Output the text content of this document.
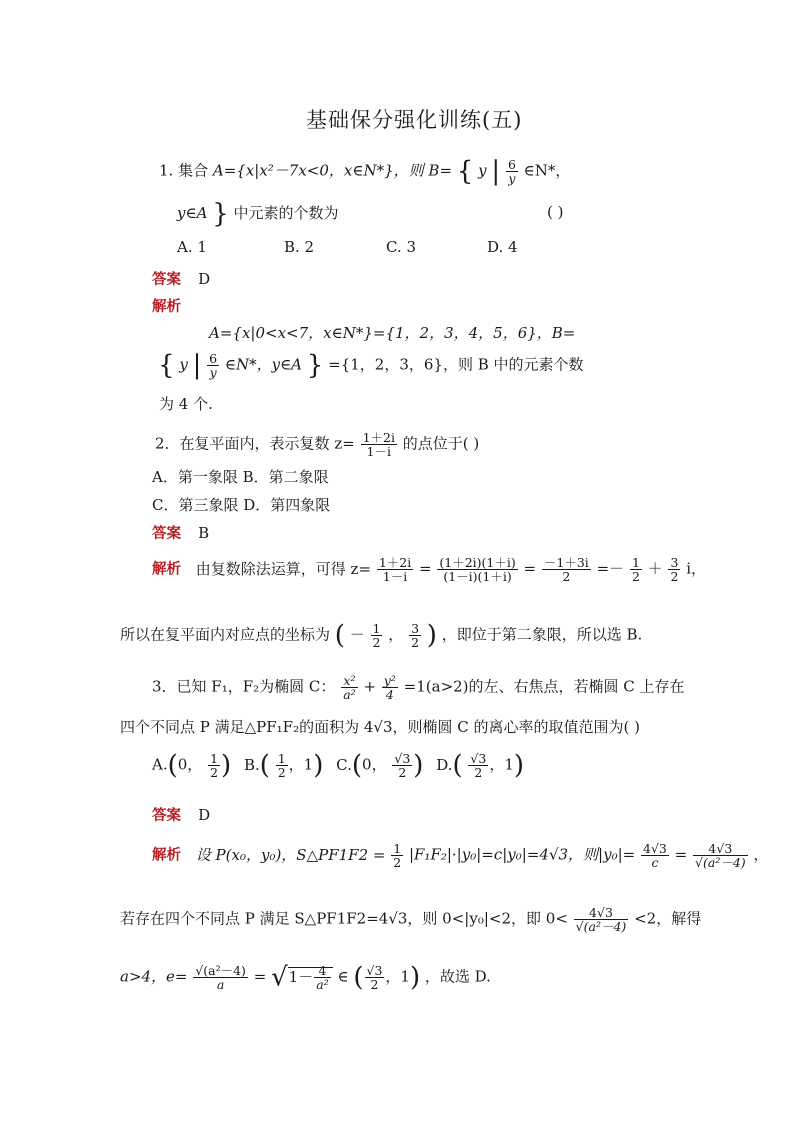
基础保分强化训练(五)
1. 集合 A={x|x²－7x<0，x∈N*}，则 B= { y | $\frac{6}{y}$ ∈N*，
y∈A } 中元素的个数为	( )
A. 1	B. 2	C. 3	D. 4
答案 D
解析
A={x|0<x<7，x∈N*}={1，2，3，4，5，6}，B=
{ y | $\frac{6}{y}$ ∈N*，y∈A } ={1，2，3，6}，则 B 中的元素个数
为 4 个.
2．在复平面内，表示复数 $z= \frac{1+2i}{1-i}$ 的点位于( )
A．第一象限 B．第二象限
C．第三象限 D．第四象限
答案 B
解析 由复数除法运算，可得 $z= \frac{1+2i}{1-i} = \frac{(1+2i)(1+i)}{(1-i)(1+i)} = \frac{-1+3i}{2} =- \frac{1}{2} + \frac{3}{2}$ i，
所以在复平面内对应点的坐标为 ( － $\frac{1}{2}$ ， $\frac{3}{2}$ ) ，即位于第二象限，所以选 B.
3．已知 F₁，F₂为椭圆 C： $\frac{\text{x²}}{\text{a²}} + \frac{\text{y²}}{4} =1(a>2)$的左、右焦点，若椭圆 C 上存在
四个不同点 P 满足△PF₁F₂的面积为 4√3，则椭圆 C 的离心率的取值范围为( )
A.(0， $\frac{1}{2}$ ) $B.( \frac{1}{2}$ ，1) C.(0， $\frac{√3}{2}$ ) $D.( \frac{√3}{2}$ ，1)
答案 D
解析 设 P(x₀，y₀)，S△PF1F2 = $\frac{1}{2} |F_1F_2|\cdot|y_0|=c|y_0|=4√3$，则$|y_0|= \frac{4√3}{c} = \frac{4√3}{\text{√(a²－4)}}$ ，
若存在四个不同点 P 满足 S△PF1F2=4√3，则 0<|y₀|<2，即 $0< \frac{4√3}{\text{√(a²－4)}} <2$，解得
a>4，$e= \frac{\text{√(a²－4)}}{a} = √1- \frac{4}{\text{a²}}$ ∈ ( $\frac{√3}{2}$ ，1) ，故选 D.
